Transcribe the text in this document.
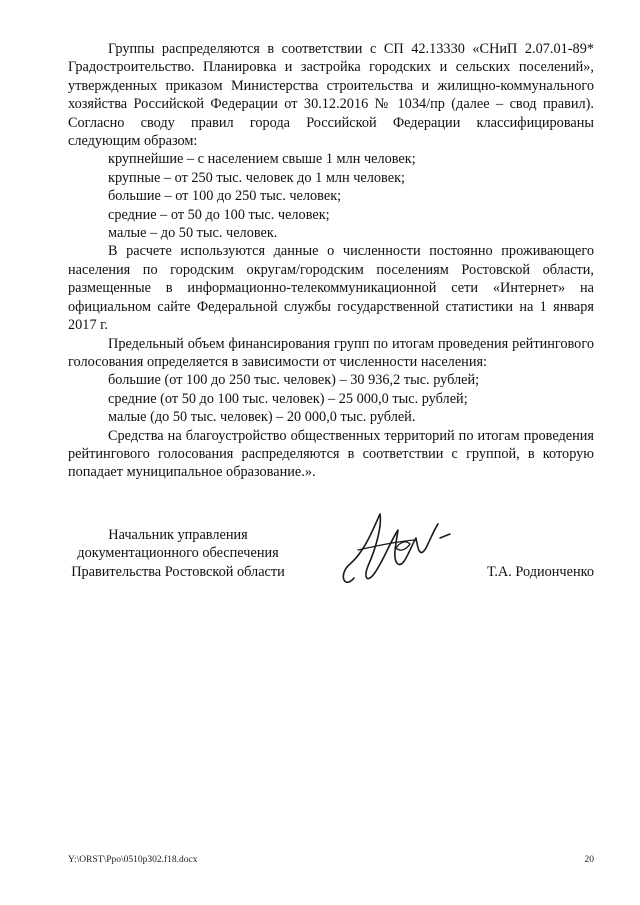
Группы распределяются в соответствии с СП 42.13330 «СНиП 2.07.01-89* Градостроительство. Планировка и застройка городских и сельских поселений», утвержденных приказом Министерства строительства и жилищно-коммунального хозяйства Российской Федерации от 30.12.2016 № 1034/пр (далее – свод правил). Согласно своду правил города Российской Федерации классифицированы следующим образом:

крупнейшие – с населением свыше 1 млн человек;
крупные – от 250 тыс. человек до 1 млн человек;
большие – от 100 до 250 тыс. человек;
средние – от 50 до 100 тыс. человек;
малые – до 50 тыс. человек.

В расчете используются данные о численности постоянно проживающего населения по городским округам/городским поселениям Ростовской области, размещенные в информационно-телекоммуникационной сети «Интернет» на официальном сайте Федеральной службы государственной статистики на 1 января 2017 г.

Предельный объем финансирования групп по итогам проведения рейтингового голосования определяется в зависимости от численности населения:

большие (от 100 до 250 тыс. человек) – 30 936,2 тыс. рублей;
средние (от 50 до 100 тыс. человек) – 25 000,0 тыс. рублей;
малые (до 50 тыс. человек) – 20 000,0 тыс. рублей.

Средства на благоустройство общественных территорий по итогам проведения рейтингового голосования распределяются в соответствии с группой, в которую попадает муниципальное образование.».

Начальник управления
документационного обеспечения
Правительства Ростовской области	Т.А. Родионченко
Y:\ORST\Ppo\0510p302.f18.docx	20
